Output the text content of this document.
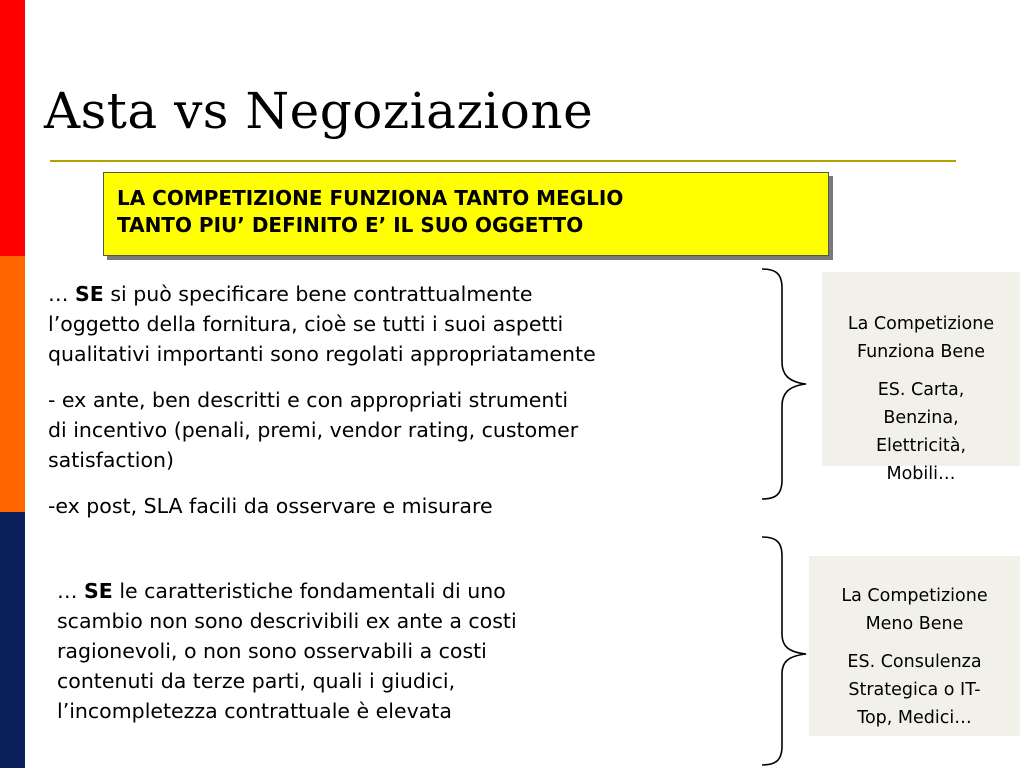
Asta vs Negoziazione
LA COMPETIZIONE FUNZIONA TANTO MEGLIO
TANTO PIU’ DEFINITO E’ IL SUO OGGETTO
… SE si può specificare bene contrattualmente
l’oggetto della fornitura, cioè se tutti i suoi aspetti
qualitativi importanti sono regolati appropriatamente
- ex ante, ben descritti e con appropriati strumenti
di incentivo (penali, premi, vendor rating, customer
satisfaction)
-ex post, SLA facili da osservare e misurare
La Competizione
Funziona Bene
ES. Carta,
Benzina,
Elettricità,
Mobili…
… SE le caratteristiche fondamentali di uno
scambio non sono descrivibili ex ante a costi
ragionevoli, o non sono osservabili a costi
contenuti da terze parti, quali i giudici,
l’incompletezza contrattuale è elevata
La Competizione
Meno Bene
ES. Consulenza
Strategica o IT-
Top, Medici…
